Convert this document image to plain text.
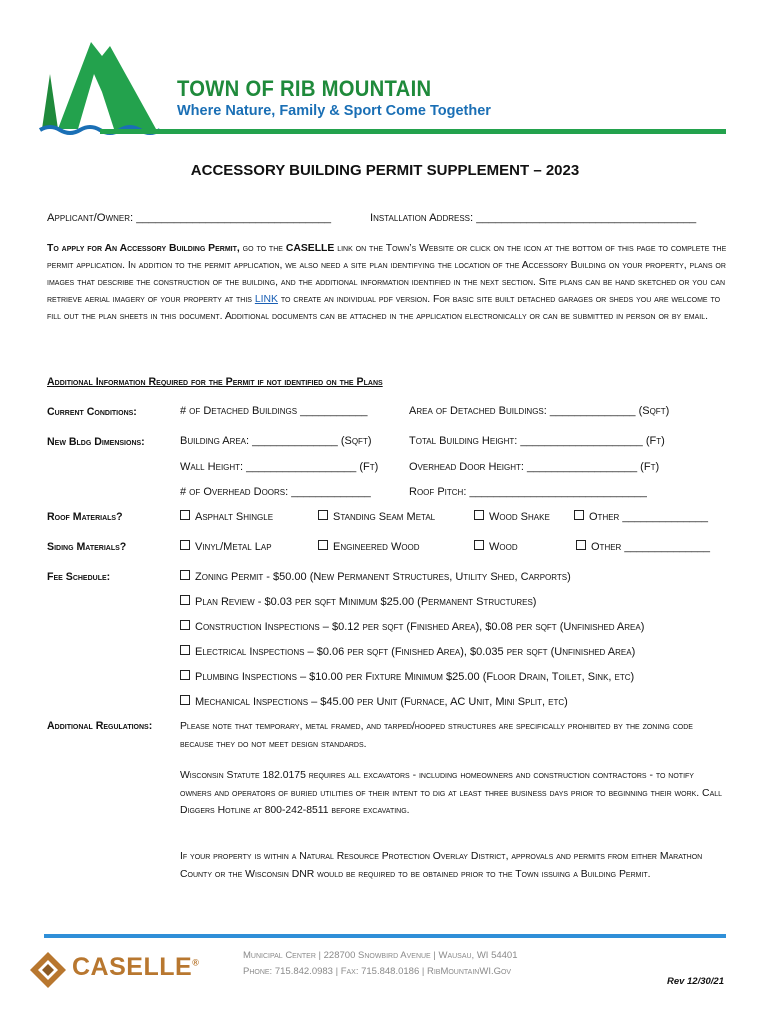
TOWN OF RIB MOUNTAIN
Where Nature, Family & Sport Come Together
ACCESSORY BUILDING PERMIT SUPPLEMENT – 2023
Applicant/Owner: _______________________________	Installation Address: ___________________________________
To apply for An Accessory Building Permit, go to the CASELLE link on the Town’s Website or click on the icon at the bottom of this page to complete the permit application. In addition to the permit application, we also need a site plan identifying the location of the Accessory Building on your property, plans or images that describe the construction of the building, and the additional information identified in the next section. Site plans can be hand sketched or you can retrieve aerial imagery of your property at this LINK to create an individual pdf version. For basic site built detached garages or sheds you are welcome to fill out the plan sheets in this document. Additional documents can be attached in the application electronically or can be submitted in person or by email.
Additional Information Required for the Permit if not identified on the Plans
Current Conditions:	# of Detached Buildings ___________	Area of Detached Buildings: ______________ (Sqft)
New Bldg Dimensions:	Building Area: ______________ (Sqft)	Total Building Height: ____________________ (Ft)
Wall Height: __________________ (Ft)	Overhead Door Height: __________________ (Ft)
# of Overhead Doors: _____________	Roof Pitch: _____________________________
Roof Materials?	Asphalt Shingle	Standing Seam Metal	Wood Shake	Other ______________
Siding Materials?	Vinyl/Metal Lap	Engineered Wood	Wood	Other ______________
Fee Schedule:	Zoning Permit - $50.00 (New Permanent Structures, Utility Shed, Carports)
Plan Review - $0.03 per sqft Minimum $25.00 (Permanent Structures)
Construction Inspections – $0.12 per sqft (Finished Area), $0.08 per sqft (Unfinished Area)
Electrical Inspections – $0.06 per sqft (Finished Area), $0.035 per sqft (Unfinished Area)
Plumbing Inspections – $10.00 per Fixture Minimum $25.00 (Floor Drain, Toilet, Sink, etc)
Mechanical Inspections – $45.00 per Unit (Furnace, AC Unit, Mini Split, etc)
Additional Regulations:	Please note that temporary, metal framed, and tarped/hooped structures are specifically prohibited by the zoning code because they do not meet design standards.
Wisconsin Statute 182.0175 requires all excavators - including homeowners and construction contractors - to notify owners and operators of buried utilities of their intent to dig at least three business days prior to beginning their work. Call Diggers Hotline at 800-242-8511 before excavating.
If your property is within a Natural Resource Protection Overlay District, approvals and permits from either Marathon County or the Wisconsin DNR would be required to be obtained prior to the Town issuing a Building Permit.
CASELLE®
Municipal Center | 228700 Snowbird Avenue | Wausau, WI 54401
Phone: 715.842.0983 | Fax: 715.848.0186 | RibMountainWI.Gov
Rev 12/30/21
